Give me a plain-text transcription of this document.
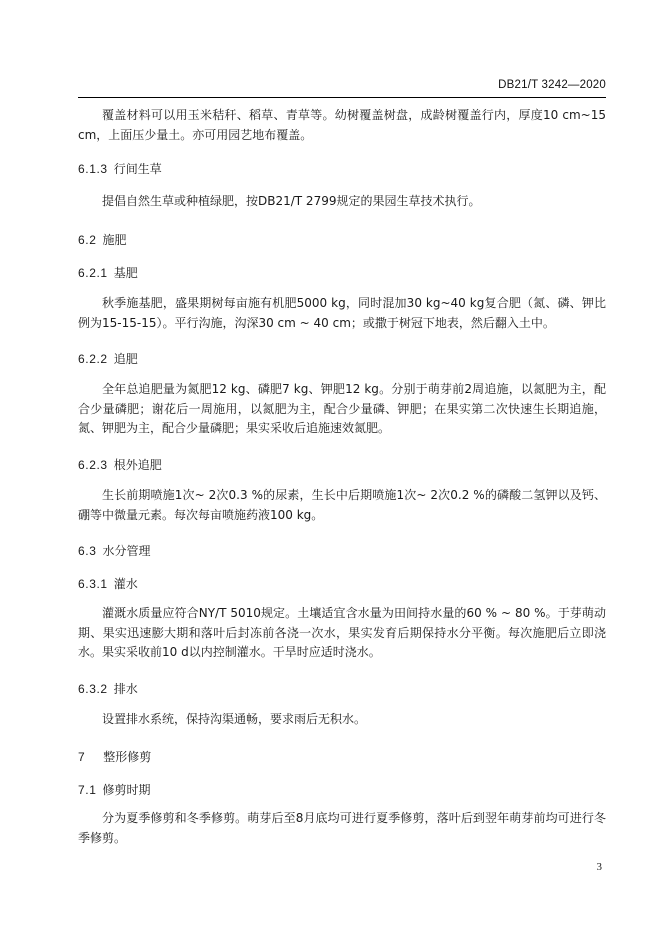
DB21/T 3242—2020

覆盖材料可以用玉米秸秆、稻草、青草等。幼树覆盖树盘，成龄树覆盖行内，厚度10 cm~15 cm，上面压少量土。亦可用园艺地布覆盖。

6.1.3 行间生草

提倡自然生草或种植绿肥，按DB21/T 2799规定的果园生草技术执行。

6.2 施肥

6.2.1 基肥

秋季施基肥，盛果期树每亩施有机肥5000 kg，同时混加30 kg~40 kg复合肥（氮、磷、钾比例为15-15-15）。平行沟施，沟深30 cm ~ 40 cm；或撒于树冠下地表，然后翻入土中。

6.2.2 追肥

全年总追肥量为氮肥12 kg、磷肥7 kg、钾肥12 kg。分别于萌芽前2周追施，以氮肥为主，配合少量磷肥；谢花后一周施用，以氮肥为主，配合少量磷、钾肥；在果实第二次快速生长期追施，氮、钾肥为主，配合少量磷肥；果实采收后追施速效氮肥。

6.2.3 根外追肥

生长前期喷施1次~ 2次0.3 %的尿素，生长中后期喷施1次~ 2次0.2 %的磷酸二氢钾以及钙、硼等中微量元素。每次每亩喷施药液100 kg。

6.3 水分管理

6.3.1 灌水

灌溉水质量应符合NY/T 5010规定。土壤适宜含水量为田间持水量的60 % ~ 80 %。于芽萌动期、果实迅速膨大期和落叶后封冻前各浇一次水，果实发育后期保持水分平衡。每次施肥后立即浇水。果实采收前10 d以内控制灌水。干旱时应适时浇水。

6.3.2 排水

设置排水系统，保持沟渠通畅，要求雨后无积水。

7 整形修剪

7.1 修剪时期

分为夏季修剪和冬季修剪。萌芽后至8月底均可进行夏季修剪，落叶后到翌年萌芽前均可进行冬季修剪。

3
